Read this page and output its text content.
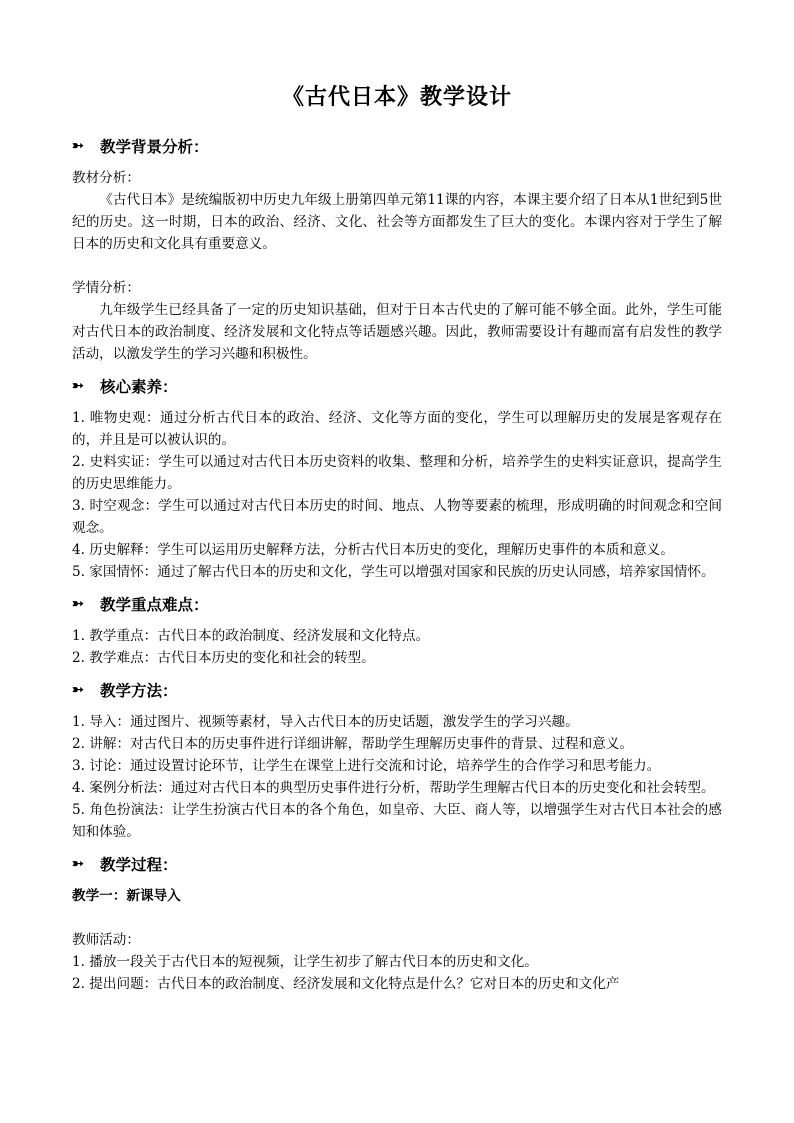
《古代日本》教学设计
➳	教学背景分析：

教材分析：

《古代日本》是统编版初中历史九年级上册第四单元第11课的内容，本课主要介绍了日本从1世纪到5世纪的历史。这一时期，日本的政治、经济、文化、社会等方面都发生了巨大的变化。本课内容对于学生了解日本的历史和文化具有重要意义。

学情分析：

九年级学生已经具备了一定的历史知识基础，但对于日本古代史的了解可能不够全面。此外，学生可能对古代日本的政治制度、经济发展和文化特点等话题感兴趣。因此，教师需要设计有趣而富有启发性的教学活动，以激发学生的学习兴趣和积极性。

➳	核心素养：

1. 唯物史观：通过分析古代日本的政治、经济、文化等方面的变化，学生可以理解历史的发展是客观存在的，并且是可以被认识的。

2. 史料实证：学生可以通过对古代日本历史资料的收集、整理和分析，培养学生的史料实证意识，提高学生的历史思维能力。

3. 时空观念：学生可以通过对古代日本历史的时间、地点、人物等要素的梳理，形成明确的时间观念和空间观念。

4. 历史解释：学生可以运用历史解释方法，分析古代日本历史的变化，理解历史事件的本质和意义。

5. 家国情怀：通过了解古代日本的历史和文化，学生可以增强对国家和民族的历史认同感，培养家国情怀。

➳	教学重点难点：

1. 教学重点：古代日本的政治制度、经济发展和文化特点。

2. 教学难点：古代日本历史的变化和社会的转型。

➳	教学方法：

1. 导入：通过图片、视频等素材，导入古代日本的历史话题，激发学生的学习兴趣。

2. 讲解：对古代日本的历史事件进行详细讲解，帮助学生理解历史事件的背景、过程和意义。

3. 讨论：通过设置讨论环节，让学生在课堂上进行交流和讨论，培养学生的合作学习和思考能力。

4. 案例分析法：通过对古代日本的典型历史事件进行分析，帮助学生理解古代日本的历史变化和社会转型。

5. 角色扮演法：让学生扮演古代日本的各个角色，如皇帝、大臣、商人等，以增强学生对古代日本社会的感知和体验。

➳	教学过程：

教学一：新课导入

教师活动：

1. 播放一段关于古代日本的短视频，让学生初步了解古代日本的历史和文化。

2. 提出问题：古代日本的政治制度、经济发展和文化特点是什么？它对日本的历史和文化产
